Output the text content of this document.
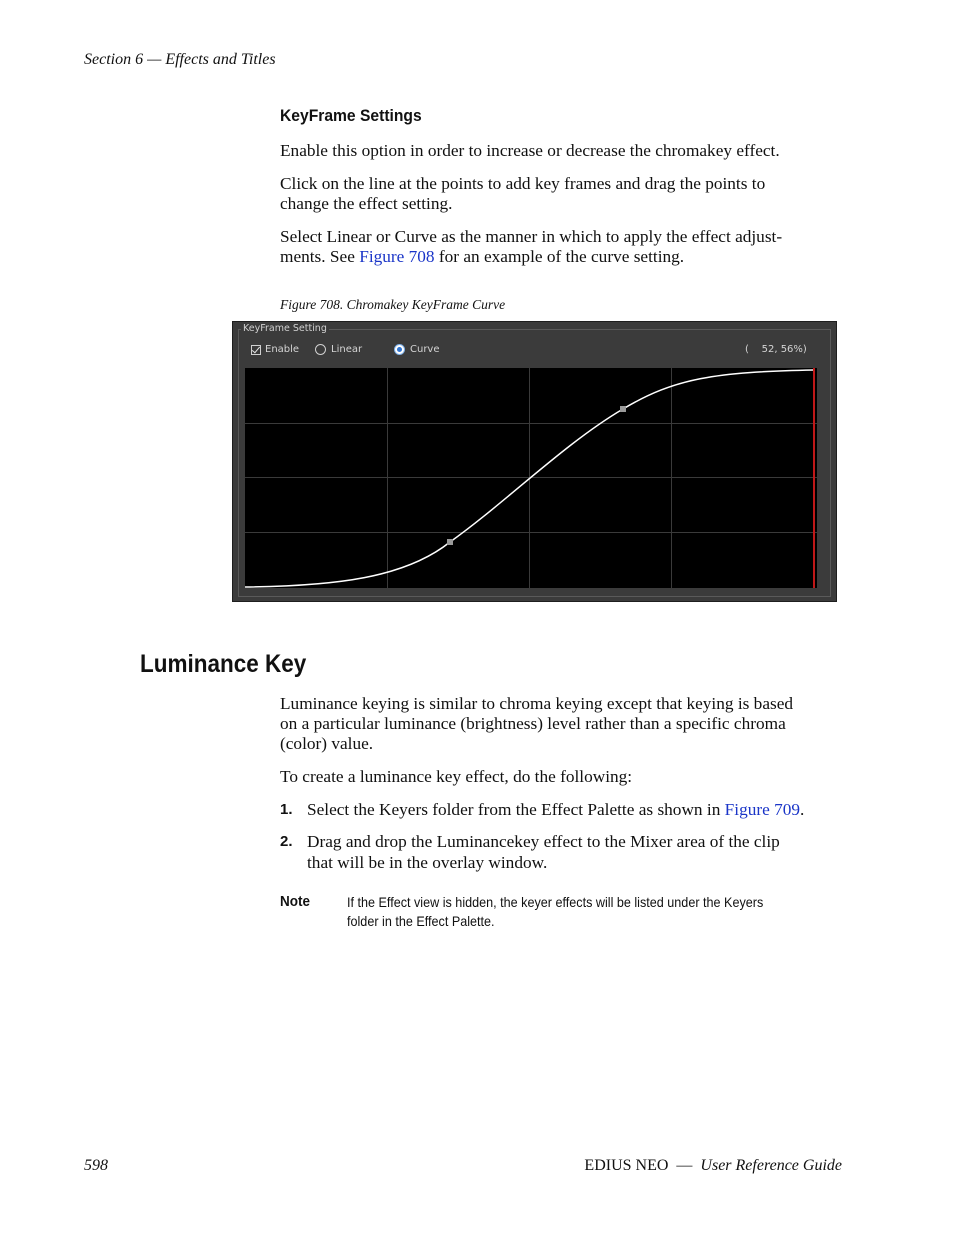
Section 6 — Effects and Titles
KeyFrame Settings
Enable this option in order to increase or decrease the chromakey effect.
Click on the line at the points to add key frames and drag the points to
change the effect setting.
Select Linear or Curve as the manner in which to apply the effect adjust-
ments. See Figure 708 for an example of the curve setting.
Figure 708. Chromakey KeyFrame Curve
KeyFrame Setting
Enable	Linear	Curve	(    52, 56%)
Luminance Key
Luminance keying is similar to chroma keying except that keying is based
on a particular luminance (brightness) level rather than a specific chroma
(color) value.
To create a luminance key effect, do the following:
1. Select the Keyers folder from the Effect Palette as shown in Figure 709.
2. Drag and drop the Luminancekey effect to the Mixer area of the clip
that will be in the overlay window.
Note	If the Effect view is hidden, the keyer effects will be listed under the Keyers
folder in the Effect Palette.
598	EDIUS NEO  —  User Reference Guide
